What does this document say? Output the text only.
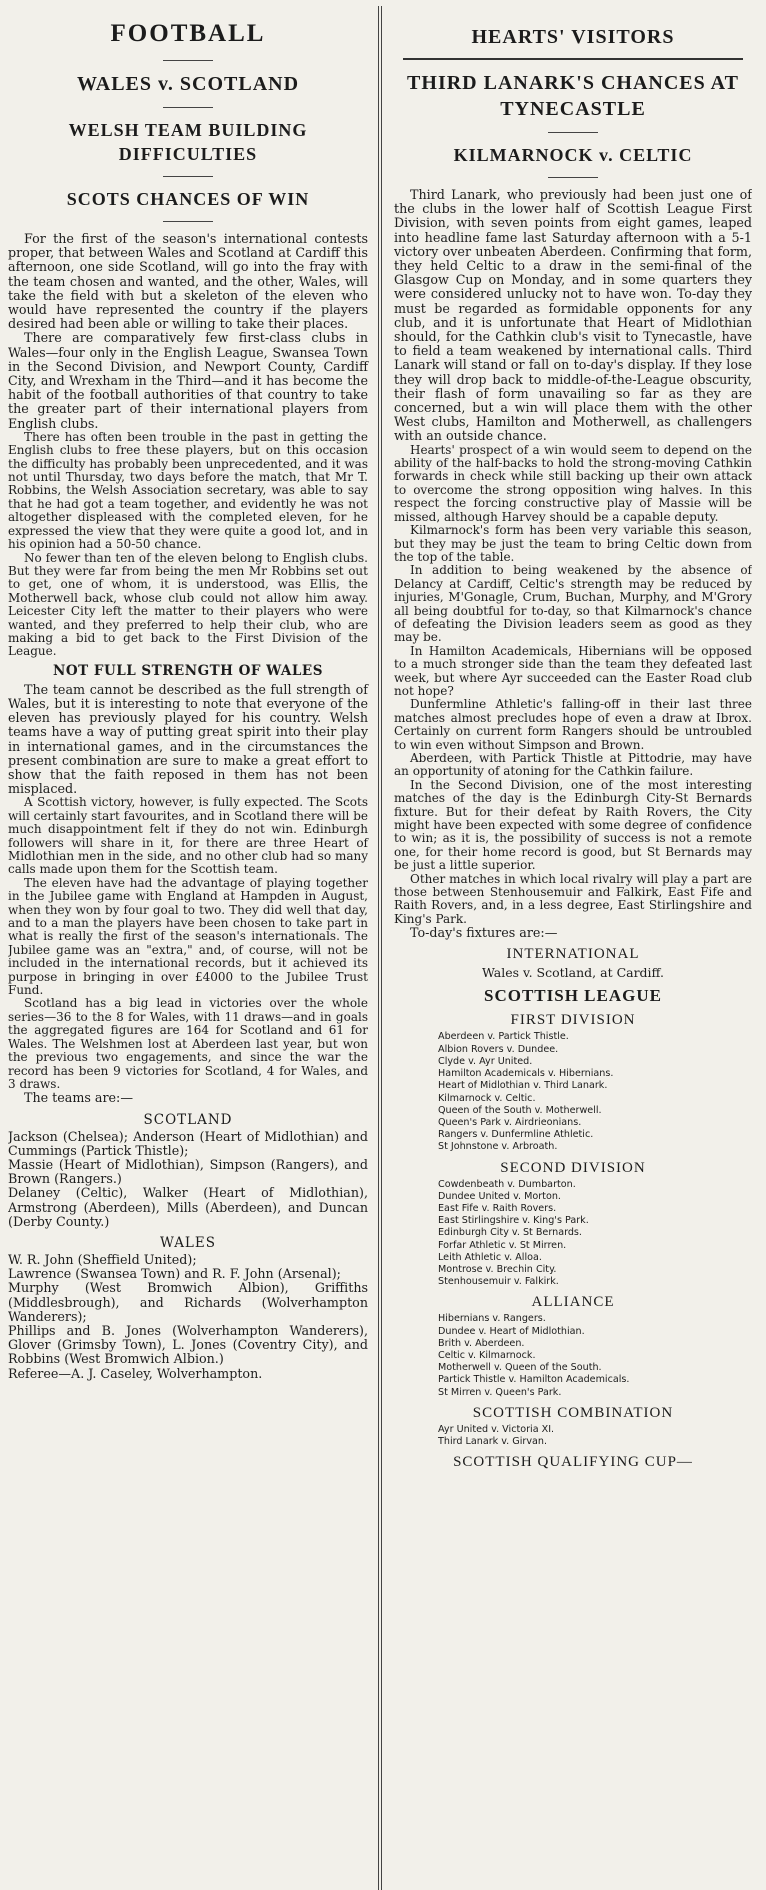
FOOTBALL
WALES v. SCOTLAND
WELSH TEAM BUILDING DIFFICULTIES
SCOTS CHANCES OF WIN

For the first of the season's international contests proper, that between Wales and Scotland at Cardiff this afternoon, one side Scotland, will go into the fray with the team chosen and wanted, and the other, Wales, will take the field with but a skeleton of the eleven who would have represented the country if the players desired had been able or willing to take their places.

There are comparatively few first-class clubs in Wales—four only in the English League, Swansea Town in the Second Division, and Newport County, Cardiff City, and Wrexham in the Third—and it has become the habit of the football authorities of that country to take the greater part of their international players from English clubs.

There has often been trouble in the past in getting the English clubs to free these players, but on this occasion the difficulty has probably been unprecedented, and it was not until Thursday, two days before the match, that Mr T. Robbins, the Welsh Association secretary, was able to say that he had got a team together, and evidently he was not altogether displeased with the completed eleven, for he expressed the view that they were quite a good lot, and in his opinion had a 50-50 chance.

No fewer than ten of the eleven belong to English clubs. But they were far from being the men Mr Robbins set out to get, one of whom, it is understood, was Ellis, the Motherwell back, whose club could not allow him away. Leicester City left the matter to their players who were wanted, and they preferred to help their club, who are making a bid to get back to the First Division of the League.

NOT FULL STRENGTH OF WALES

The team cannot be described as the full strength of Wales, but it is interesting to note that everyone of the eleven has previously played for his country. Welsh teams have a way of putting great spirit into their play in international games, and in the circumstances the present combination are sure to make a great effort to show that the faith reposed in them has not been misplaced.

A Scottish victory, however, is fully expected. The Scots will certainly start favourites, and in Scotland there will be much disappointment felt if they do not win. Edinburgh followers will share in it, for there are three Heart of Midlothian men in the side, and no other club had so many calls made upon them for the Scottish team.

The eleven have had the advantage of playing together in the Jubilee game with England at Hampden in August, when they won by four goal to two. They did well that day, and to a man the players have been chosen to take part in what is really the first of the season's internationals. The Jubilee game was an "extra," and, of course, will not be included in the international records, but it achieved its purpose in bringing in over £4000 to the Jubilee Trust Fund.

Scotland has a big lead in victories over the whole series—36 to the 8 for Wales, with 11 draws—and in goals the aggregated figures are 164 for Scotland and 61 for Wales. The Welshmen lost at Aberdeen last year, but won the previous two engagements, and since the war the record has been 9 victories for Scotland, 4 for Wales, and 3 draws.

The teams are:—

SCOTLAND

Jackson (Chelsea); Anderson (Heart of Midlothian) and Cummings (Partick Thistle);

Massie (Heart of Midlothian), Simpson (Rangers), and Brown (Rangers.)

Delaney (Celtic), Walker (Heart of Midlothian), Armstrong (Aberdeen), Mills (Aberdeen), and Duncan (Derby County.)

WALES

W. R. John (Sheffield United);

Lawrence (Swansea Town) and R. F. John (Arsenal);

Murphy (West Bromwich Albion), Griffiths (Middlesbrough), and Richards (Wolverhampton Wanderers);

Phillips and B. Jones (Wolverhampton Wanderers), Glover (Grimsby Town), L. Jones (Coventry City), and Robbins (West Bromwich Albion.)

Referee—A. J. Caseley, Wolverhampton.

HEARTS' VISITORS
THIRD LANARK'S CHANCES AT TYNECASTLE
KILMARNOCK v. CELTIC

Third Lanark, who previously had been just one of the clubs in the lower half of Scottish League First Division, with seven points from eight games, leaped into headline fame last Saturday afternoon with a 5-1 victory over unbeaten Aberdeen. Confirming that form, they held Celtic to a draw in the semi-final of the Glasgow Cup on Monday, and in some quarters they were considered unlucky not to have won. To-day they must be regarded as formidable opponents for any club, and it is unfortunate that Heart of Midlothian should, for the Cathkin club's visit to Tynecastle, have to field a team weakened by international calls. Third Lanark will stand or fall on to-day's display. If they lose they will drop back to middle-of-the-League obscurity, their flash of form unavailing so far as they are concerned, but a win will place them with the other West clubs, Hamilton and Motherwell, as challengers with an outside chance.

Hearts' prospect of a win would seem to depend on the ability of the half-backs to hold the strong-moving Cathkin forwards in check while still backing up their own attack to overcome the strong opposition wing halves. In this respect the forcing constructive play of Massie will be missed, although Harvey should be a capable deputy.

Kilmarnock's form has been very variable this season, but they may be just the team to bring Celtic down from the top of the table.

In addition to being weakened by the absence of Delancy at Cardiff, Celtic's strength may be reduced by injuries, M'Gonagle, Crum, Buchan, Murphy, and M'Grory all being doubtful for to-day, so that Kilmarnock's chance of defeating the Division leaders seem as good as they may be.

In Hamilton Academicals, Hibernians will be opposed to a much stronger side than the team they defeated last week, but where Ayr succeeded can the Easter Road club not hope?

Dunfermline Athletic's falling-off in their last three matches almost precludes hope of even a draw at Ibrox. Certainly on current form Rangers should be untroubled to win even without Simpson and Brown.

Aberdeen, with Partick Thistle at Pittodrie, may have an opportunity of atoning for the Cathkin failure.

In the Second Division, one of the most interesting matches of the day is the Edinburgh City-St Bernards fixture. But for their defeat by Raith Rovers, the City might have been expected with some degree of confidence to win; as it is, the possibility of success is not a remote one, for their home record is good, but St Bernards may be just a little superior.

Other matches in which local rivalry will play a part are those between Stenhousemuir and Falkirk, East Fife and Raith Rovers, and, in a less degree, East Stirlingshire and King's Park.

To-day's fixtures are:—

INTERNATIONAL
Wales v. Scotland, at Cardiff.
SCOTTISH LEAGUE
FIRST DIVISION
Aberdeen v. Partick Thistle.
Albion Rovers v. Dundee.
Clyde v. Ayr United.
Hamilton Academicals v. Hibernians.
Heart of Midlothian v. Third Lanark.
Kilmarnock v. Celtic.
Queen of the South v. Motherwell.
Queen's Park v. Airdrieonians.
Rangers v. Dunfermline Athletic.
St Johnstone v. Arbroath.
SECOND DIVISION
Cowdenbeath v. Dumbarton.
Dundee United v. Morton.
East Fife v. Raith Rovers.
East Stirlingshire v. King's Park.
Edinburgh City v. St Bernards.
Forfar Athletic v. St Mirren.
Leith Athletic v. Alloa.
Montrose v. Brechin City.
Stenhousemuir v. Falkirk.
ALLIANCE
Hibernians v. Rangers.
Dundee v. Heart of Midlothian.
Brith v. Aberdeen.
Celtic v. Kilmarnock.
Motherwell v. Queen of the South.
Partick Thistle v. Hamilton Academicals.
St Mirren v. Queen's Park.
SCOTTISH COMBINATION
Ayr United v. Victoria XI.
Third Lanark v. Girvan.
SCOTTISH QUALIFYING CUP—
